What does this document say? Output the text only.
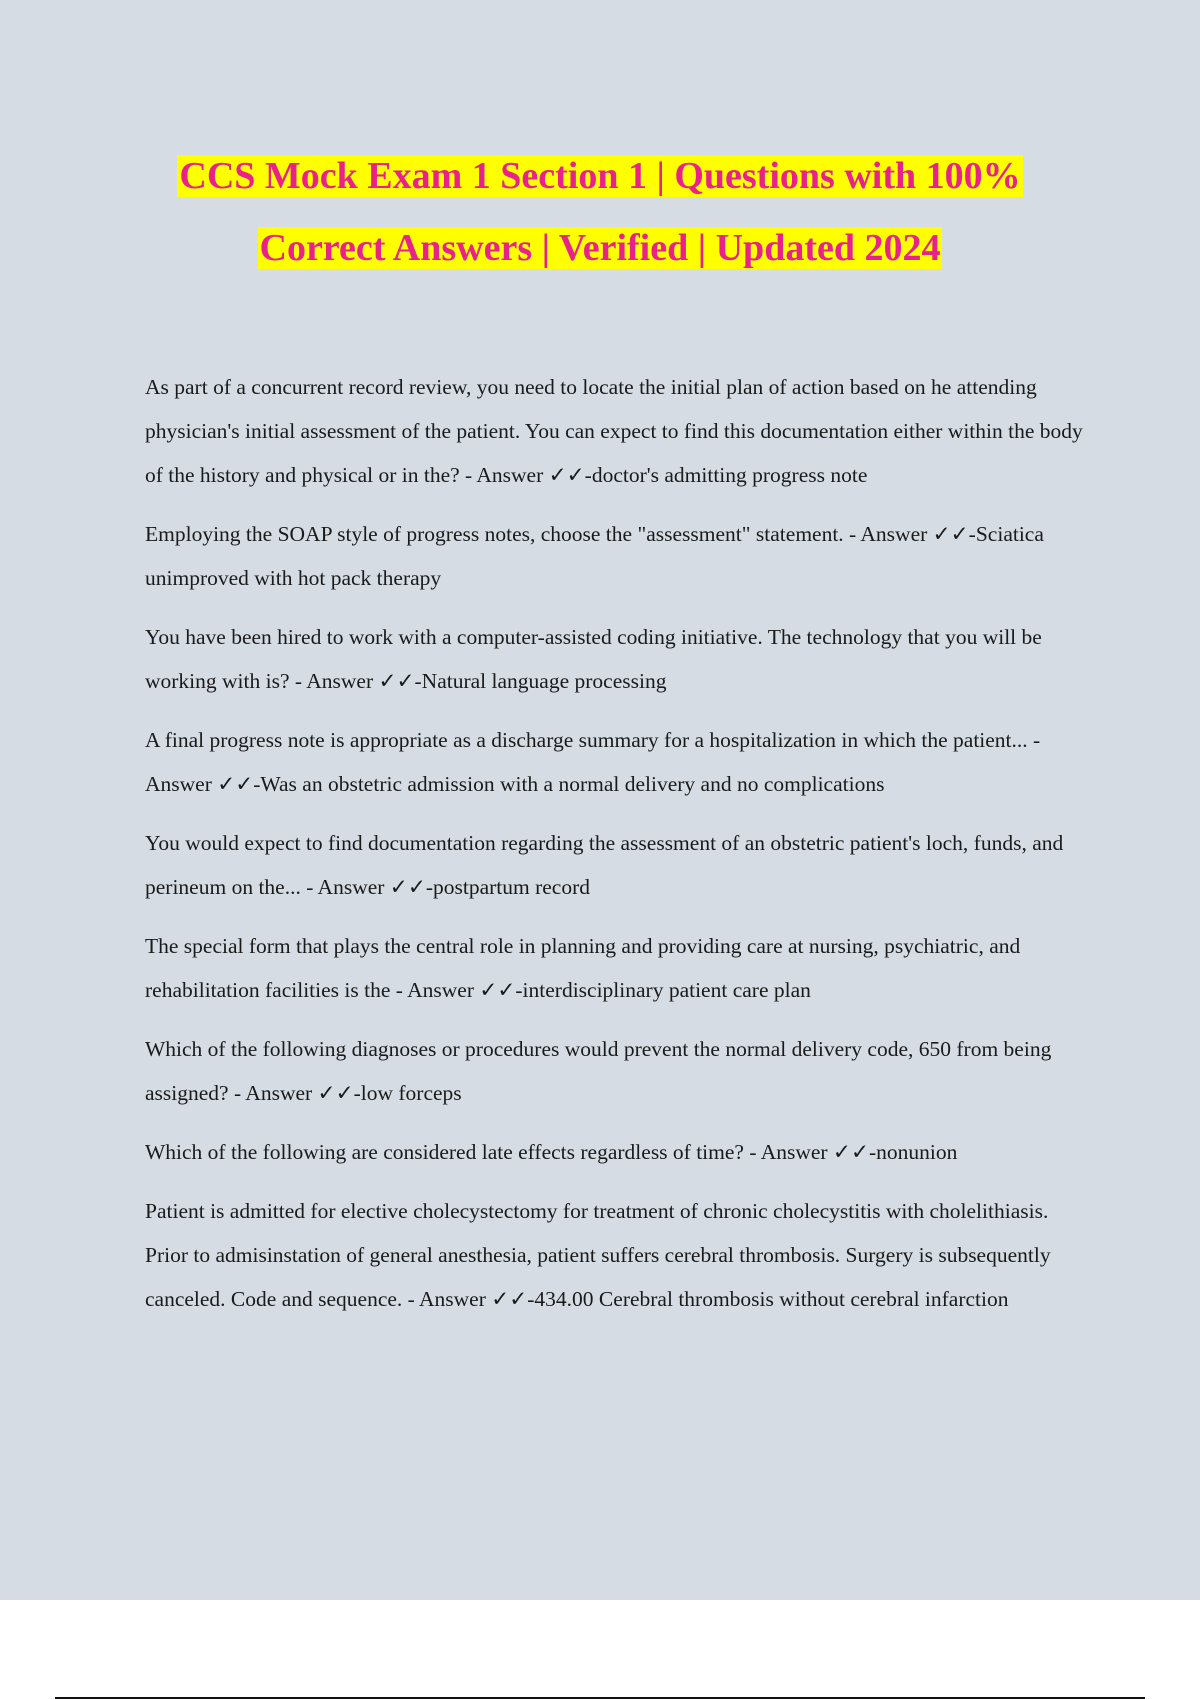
CCS Mock Exam 1 Section 1 | Questions with 100%
Correct Answers | Verified | Updated 2024

As part of a concurrent record review, you need to locate the initial plan of action based on he attending physician's initial assessment of the patient. You can expect to find this documentation either within the body of the history and physical or in the? - Answer ✓✓-doctor's admitting progress note

Employing the SOAP style of progress notes, choose the "assessment" statement. - Answer ✓✓-Sciatica unimproved with hot pack therapy

You have been hired to work with a computer-assisted coding initiative. The technology that you will be working with is? - Answer ✓✓-Natural language processing

A final progress note is appropriate as a discharge summary for a hospitalization in which the patient... - Answer ✓✓-Was an obstetric admission with a normal delivery and no complications

You would expect to find documentation regarding the assessment of an obstetric patient's loch, funds, and perineum on the... - Answer ✓✓-postpartum record

The special form that plays the central role in planning and providing care at nursing, psychiatric, and rehabilitation facilities is the - Answer ✓✓-interdisciplinary patient care plan

Which of the following diagnoses or procedures would prevent the normal delivery code, 650 from being assigned? - Answer ✓✓-low forceps

Which of the following are considered late effects regardless of time? - Answer ✓✓-nonunion

Patient is admitted for elective cholecystectomy for treatment of chronic cholecystitis with cholelithiasis. Prior to admisinstation of general anesthesia, patient suffers cerebral thrombosis. Surgery is subsequently canceled. Code and sequence. - Answer ✓✓-434.00 Cerebral thrombosis without cerebral infarction
